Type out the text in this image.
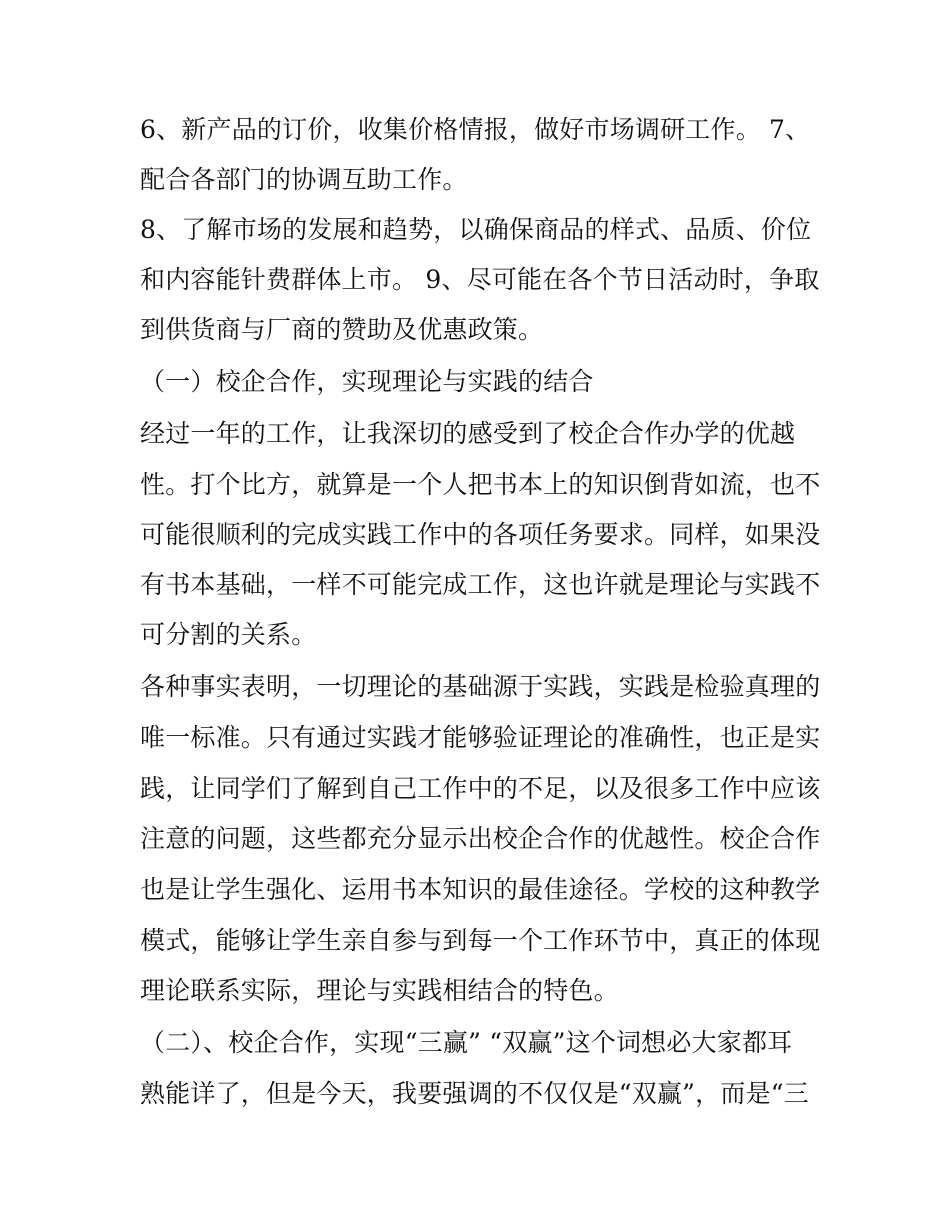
6、新产品的订价，收集价格情报，做好市场调研工作。 7、
配合各部门的协调互助工作。
8、了解市场的发展和趋势，以确保商品的样式、品质、价位
和内容能针费群体上市。 9、尽可能在各个节日活动时，争取
到供货商与厂商的赞助及优惠政策。
（一）校企合作，实现理论与实践的结合
经过一年的工作，让我深切的感受到了校企合作办学的优越
性。打个比方，就算是一个人把书本上的知识倒背如流，也不
可能很顺利的完成实践工作中的各项任务要求。同样，如果没
有书本基础，一样不可能完成工作，这也许就是理论与实践不
可分割的关系。
各种事实表明，一切理论的基础源于实践，实践是检验真理的
唯一标准。只有通过实践才能够验证理论的准确性，也正是实
践，让同学们了解到自己工作中的不足，以及很多工作中应该
注意的问题，这些都充分显示出校企合作的优越性。校企合作
也是让学生强化、运用书本知识的最佳途径。学校的这种教学
模式，能够让学生亲自参与到每一个工作环节中，真正的体现
理论联系实际，理论与实践相结合的特色。
（二）、校企合作，实现“三赢” “双赢”这个词想必大家都耳
熟能详了，但是今天，我要强调的不仅仅是“双赢”，而是“三
